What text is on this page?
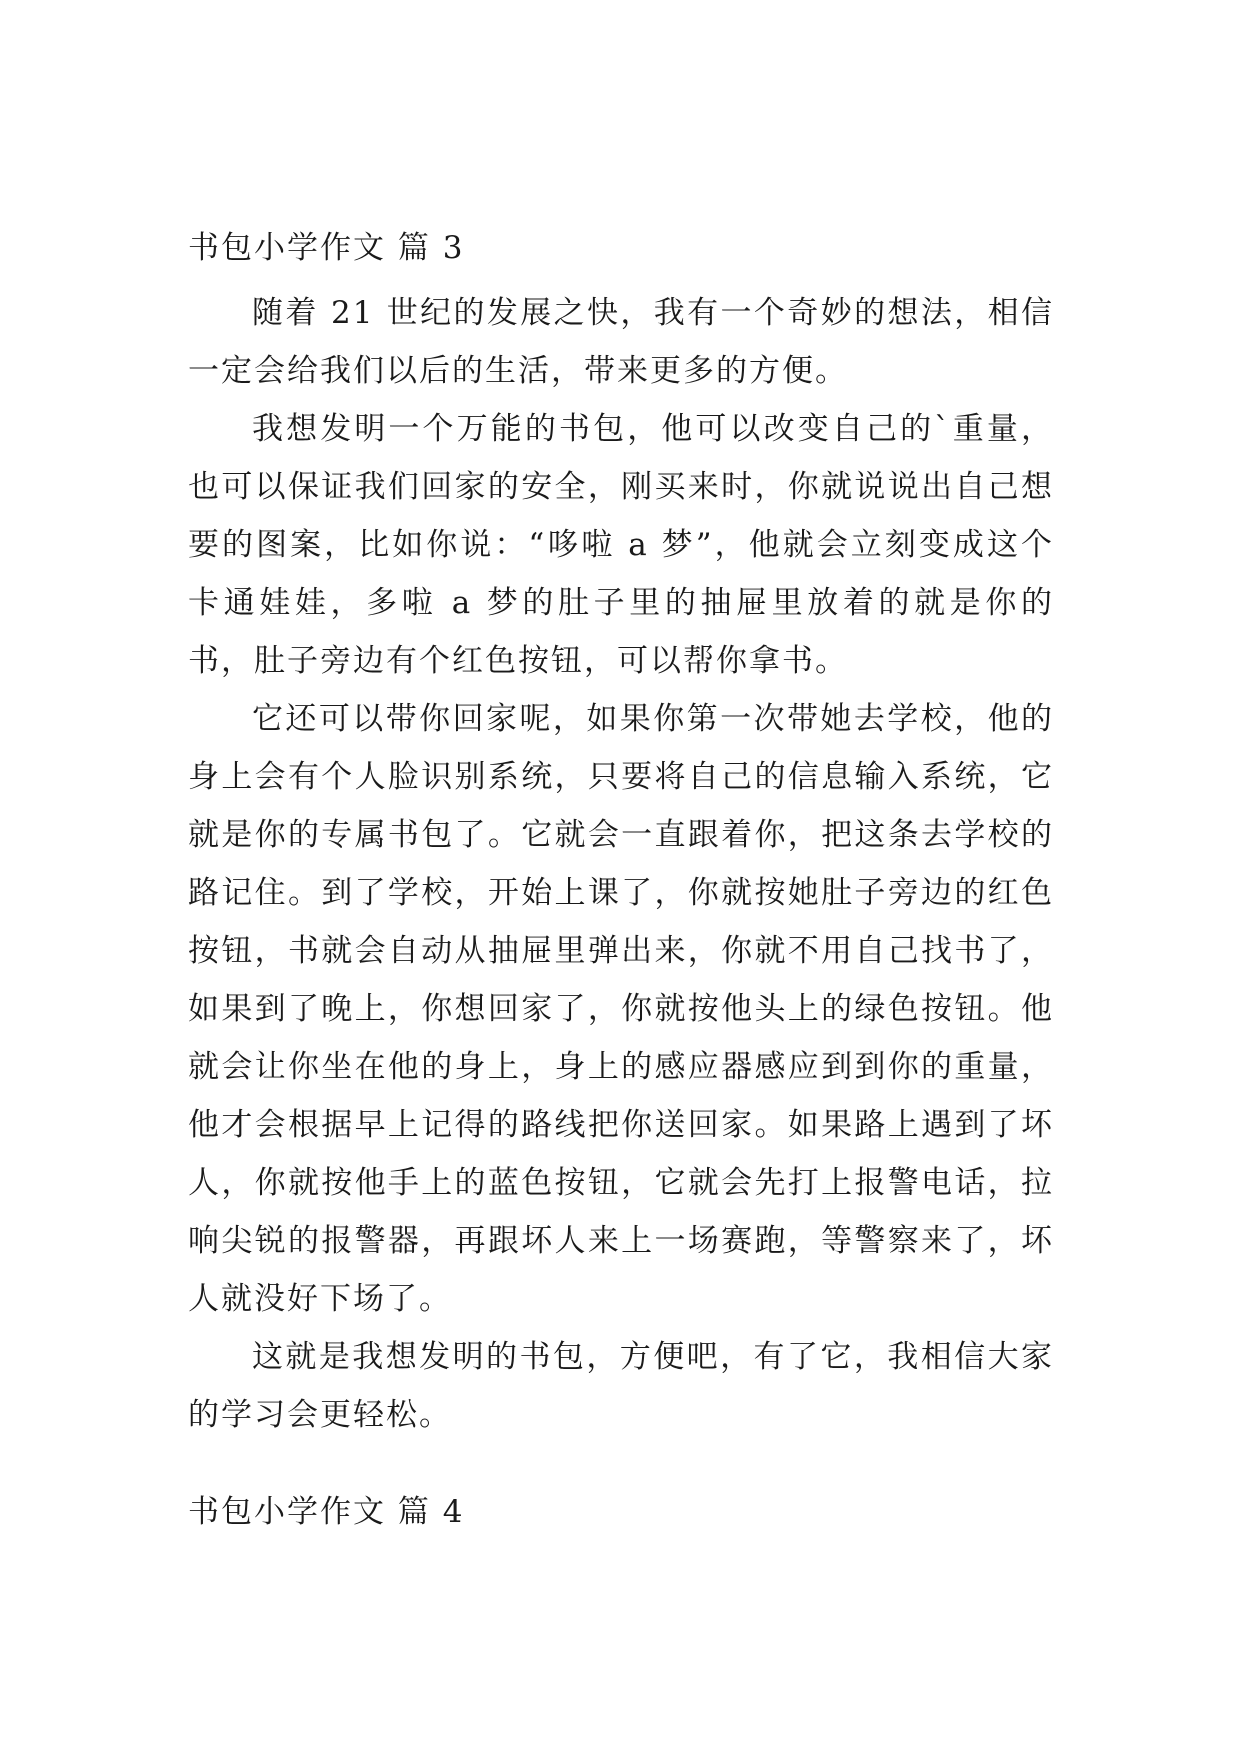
书包小学作文 篇 3

随着 21 世纪的发展之快，我有一个奇妙的想法，相信一定会给我们以后的生活，带来更多的方便。

我想发明一个万能的书包，他可以改变自己的`重量，也可以保证我们回家的安全，刚买来时，你就说说出自己想要的图案，比如你说：“哆啦 a 梦”，他就会立刻变成这个卡通娃娃，多啦 a 梦的肚子里的抽屉里放着的就是你的书，肚子旁边有个红色按钮，可以帮你拿书。

它还可以带你回家呢，如果你第一次带她去学校，他的身上会有个人脸识别系统，只要将自己的信息输入系统，它就是你的专属书包了。它就会一直跟着你，把这条去学校的路记住。到了学校，开始上课了，你就按她肚子旁边的红色按钮，书就会自动从抽屉里弹出来，你就不用自己找书了，如果到了晚上，你想回家了，你就按他头上的绿色按钮。他就会让你坐在他的身上，身上的感应器感应到到你的重量，他才会根据早上记得的路线把你送回家。如果路上遇到了坏人，你就按他手上的蓝色按钮，它就会先打上报警电话，拉响尖锐的报警器，再跟坏人来上一场赛跑，等警察来了，坏人就没好下场了。

这就是我想发明的书包，方便吧，有了它，我相信大家的学习会更轻松。

书包小学作文 篇 4
